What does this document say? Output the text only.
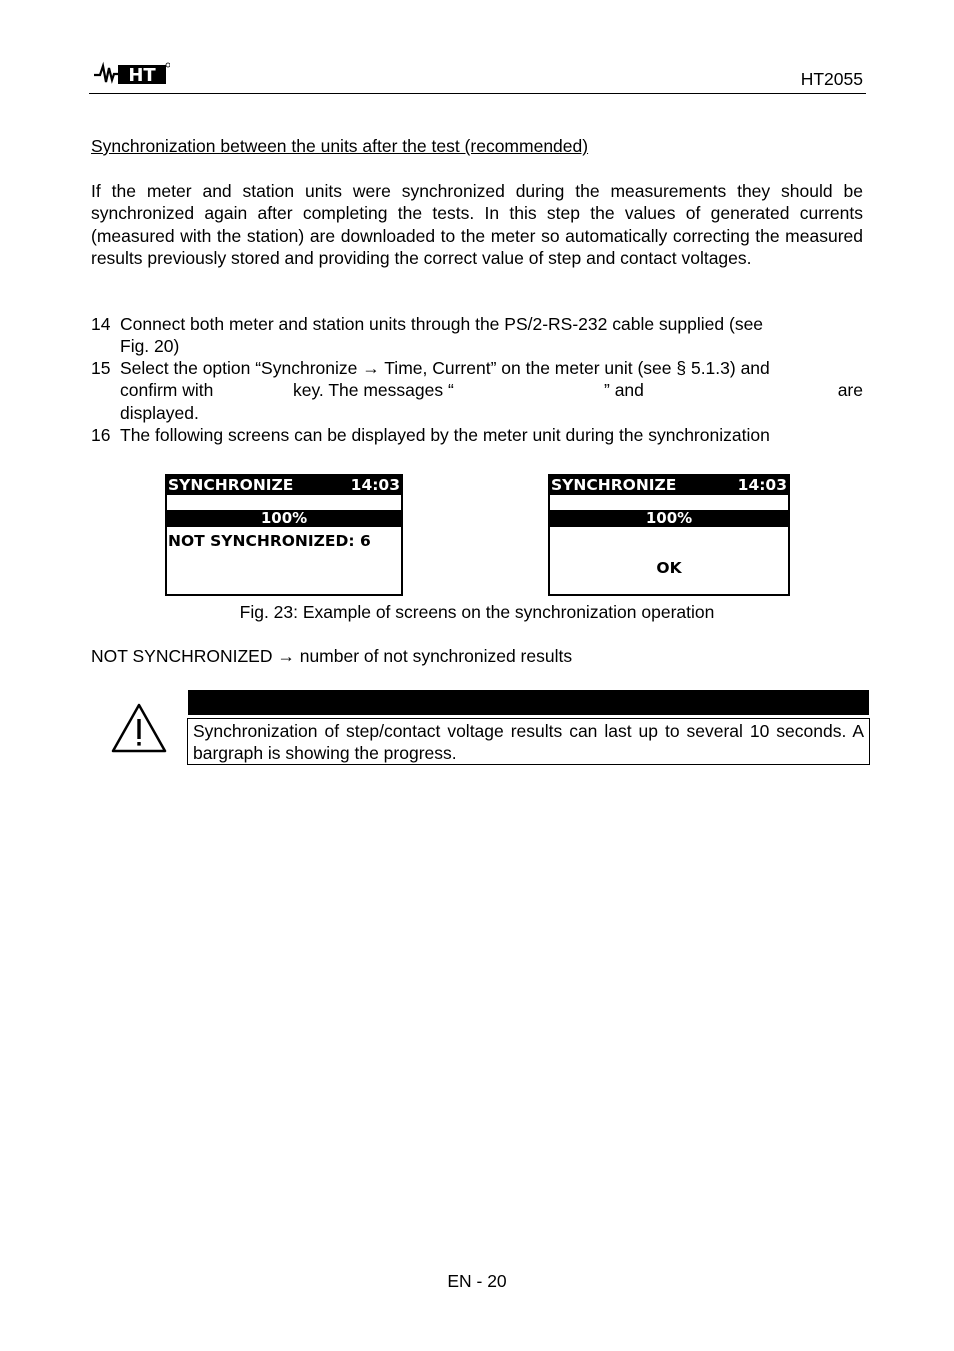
HT	HT2055
Synchronization between the units after the test (recommended)
If the meter and station units were synchronized during the measurements they should be synchronized again after completing the tests. In this step the values of generated currents (measured with the station) are downloaded to the meter so automatically correcting the measured results previously stored and providing the correct value of step and contact voltages.
14 Connect both meter and station units through the PS/2-RS-232 cable supplied (see
Fig. 20)
15 Select the option “Synchronize → Time, Current” on the meter unit (see § 5.1.3) and
confirm with	key. The messages “	” and	are
displayed.
16 The following screens can be displayed by the meter unit during the synchronization
SYNCHRONIZE	14:03
100%
NOT SYNCHRONIZED: 6
SYNCHRONIZE	14:03
100%
OK
Fig. 23: Example of screens on the synchronization operation
NOT SYNCHRONIZED → number of not synchronized results
Synchronization of step/contact voltage results can last up to several 10 seconds. A bargraph is showing the progress.
EN - 20
